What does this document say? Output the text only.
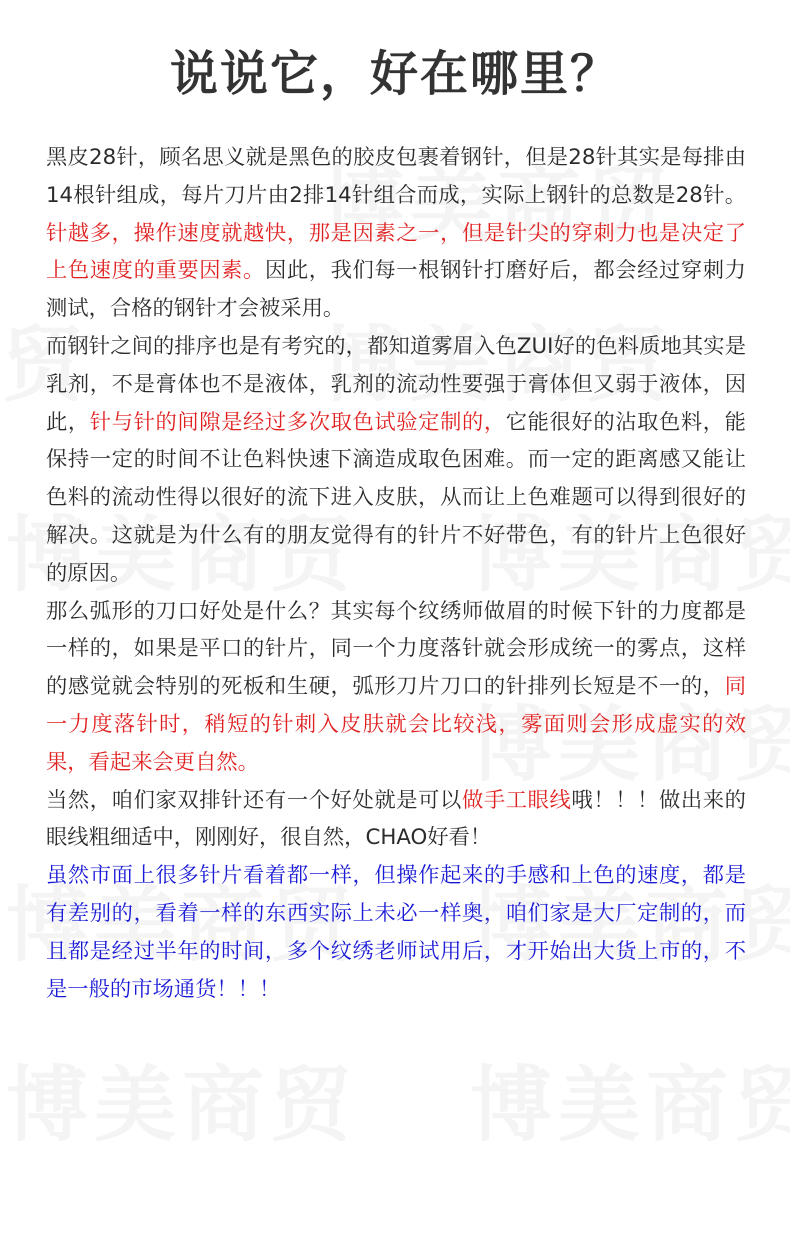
说说它，好在哪里？

黑皮28针，顾名思义就是黑色的胶皮包裹着钢针，但是28针其实是每排由14根针组成，每片刀片由2排14针组合而成，实际上钢针的总数是28针。针越多，操作速度就越快，那是因素之一，但是针尖的穿刺力也是决定了上色速度的重要因素。因此，我们每一根钢针打磨好后，都会经过穿刺力测试，合格的钢针才会被采用。

而钢针之间的排序也是有考究的，都知道雾眉入色ZUI好的色料质地其实是乳剂，不是膏体也不是液体，乳剂的流动性要强于膏体但又弱于液体，因此，针与针的间隙是经过多次取色试验定制的，它能很好的沾取色料，能保持一定的时间不让色料快速下滴造成取色困难。而一定的距离感又能让色料的流动性得以很好的流下进入皮肤，从而让上色难题可以得到很好的解决。这就是为什么有的朋友觉得有的针片不好带色，有的针片上色很好的原因。

那么弧形的刀口好处是什么？其实每个纹绣师做眉的时候下针的力度都是一样的，如果是平口的针片，同一个力度落针就会形成统一的雾点，这样的感觉就会特别的死板和生硬，弧形刀片刀口的针排列长短是不一的，同一力度落针时，稍短的针刺入皮肤就会比较浅，雾面则会形成虚实的效果，看起来会更自然。

当然，咱们家双排针还有一个好处就是可以做手工眼线哦！！！做出来的眼线粗细适中，刚刚好，很自然，CHAO好看！

虽然市面上很多针片看着都一样，但操作起来的手感和上色的速度，都是有差别的，看着一样的东西实际上未必一样奥，咱们家是大厂定制的，而且都是经过半年的时间，多个纹绣老师试用后，才开始出大货上市的，不是一般的市场通货！！！
